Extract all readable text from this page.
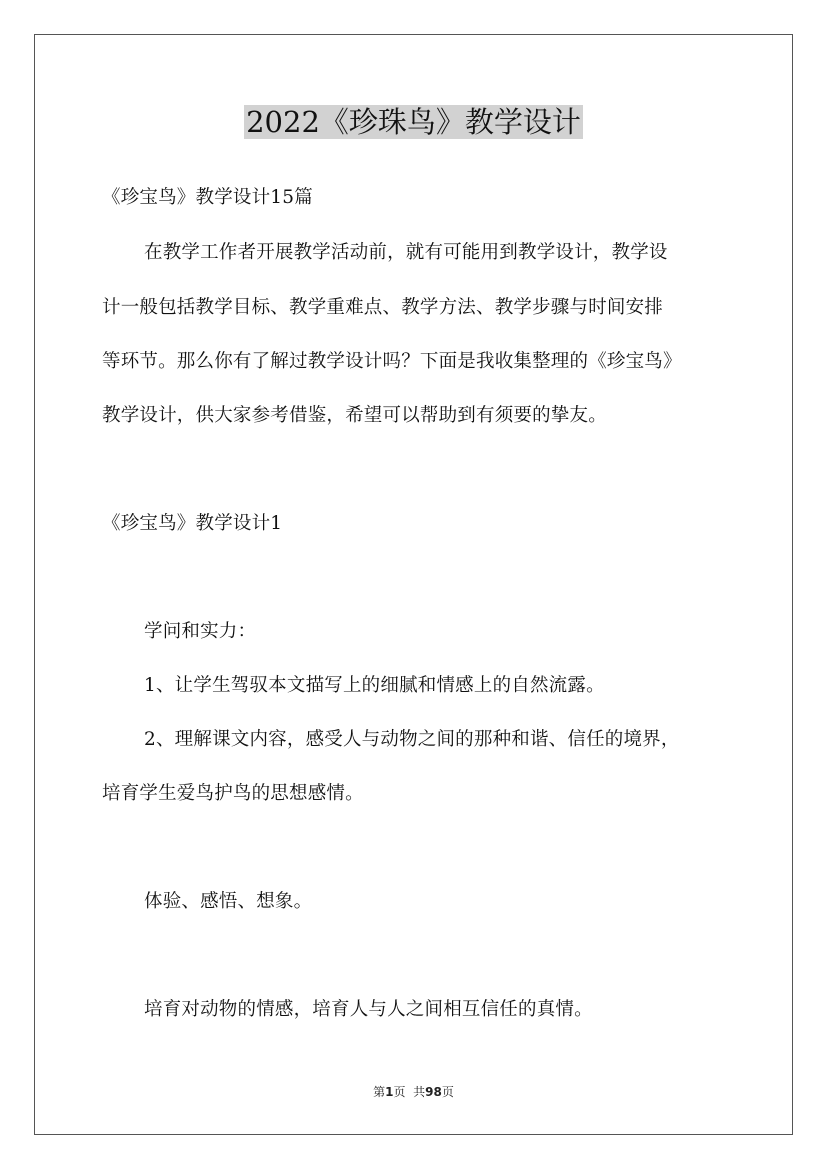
2022《珍珠鸟》教学设计
《珍宝鸟》教学设计15篇
在教学工作者开展教学活动前，就有可能用到教学设计，教学设
计一般包括教学目标、教学重难点、教学方法、教学步骤与时间安排
等环节。那么你有了解过教学设计吗？下面是我收集整理的《珍宝鸟》
教学设计，供大家参考借鉴，希望可以帮助到有须要的挚友。
《珍宝鸟》教学设计1
学问和实力：
1、让学生驾驭本文描写上的细腻和情感上的自然流露。
2、理解课文内容，感受人与动物之间的那种和谐、信任的境界，
培育学生爱鸟护鸟的思想感情。
体验、感悟、想象。
培育对动物的情感，培育人与人之间相互信任的真情。
第1页  共98页
